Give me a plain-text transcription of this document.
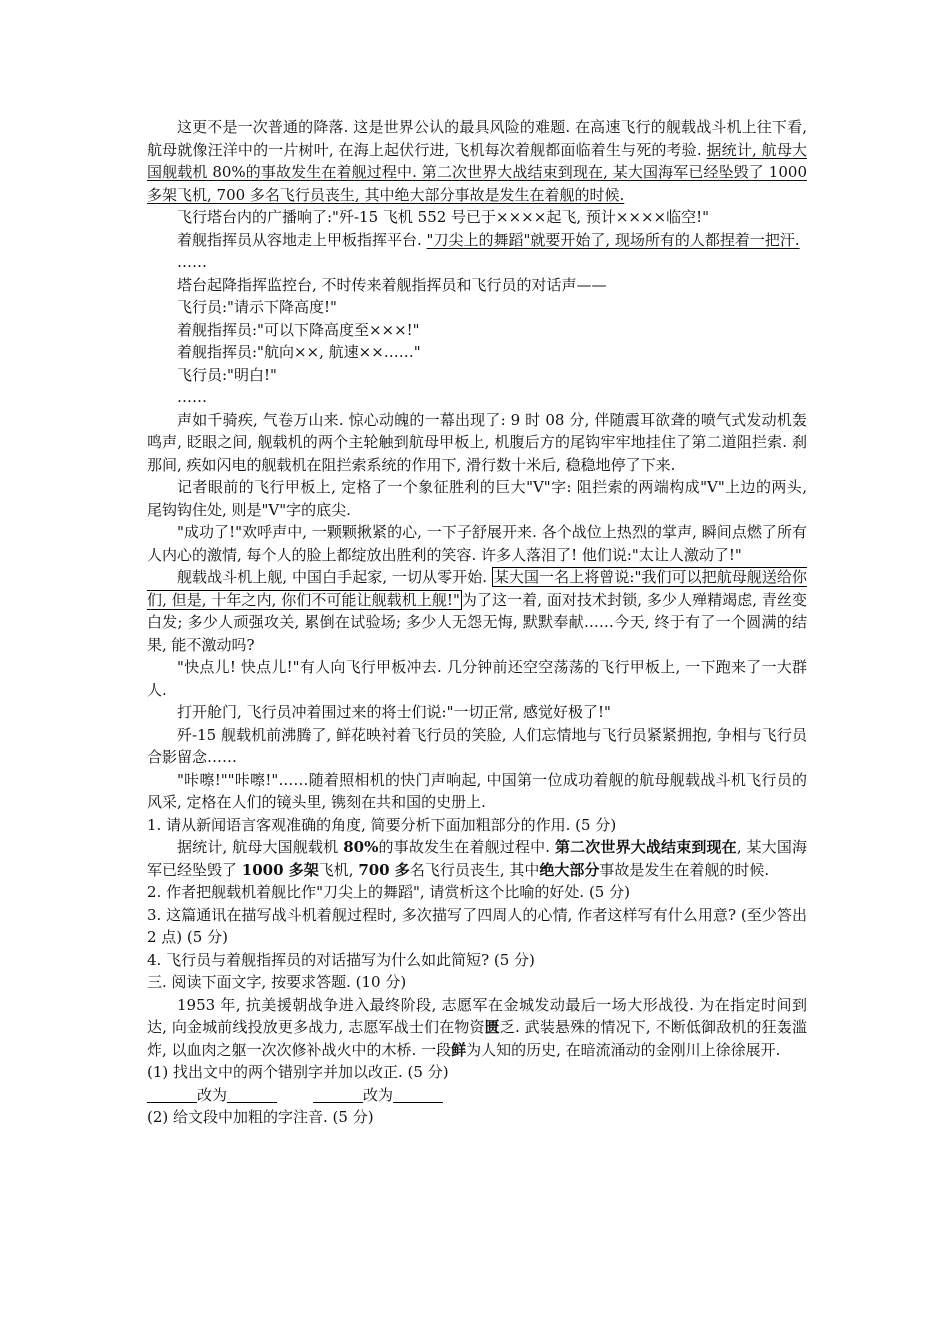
这更不是一次普通的降落. 这是世界公认的最具风险的难题. 在高速飞行的舰载战斗机上往下看, 航母就像汪洋中的一片树叶, 在海上起伏行进, 飞机每次着舰都面临着生与死的考验. 据统计, 航母大国舰载机 80%的事故发生在着舰过程中. 第二次世界大战结束到现在, 某大国海军已经坠毁了 1000 多架飞机, 700 多名飞行员丧生, 其中绝大部分事故是发生在着舰的时候.

飞行塔台内的广播响了:"歼-15 飞机 552 号已于××××起飞, 预计××××临空!"

着舰指挥员从容地走上甲板指挥平台. "刀尖上的舞蹈"就要开始了, 现场所有的人都捏着一把汗.

……

塔台起降指挥监控台, 不时传来着舰指挥员和飞行员的对话声——

飞行员:"请示下降高度!"

着舰指挥员:"可以下降高度至×××!"

着舰指挥员:"航向××, 航速××……"

飞行员:"明白!"

……

声如千骑疾, 气卷万山来. 惊心动魄的一幕出现了: 9 时 08 分, 伴随震耳欲聋的喷气式发动机轰鸣声, 眨眼之间, 舰载机的两个主轮触到航母甲板上, 机腹后方的尾钩牢牢地挂住了第二道阻拦索. 刹那间, 疾如闪电的舰载机在阻拦索系统的作用下, 滑行数十米后, 稳稳地停了下来.

记者眼前的飞行甲板上, 定格了一个象征胜利的巨大"V"字: 阻拦索的两端构成"V"上边的两头, 尾钩钩住处, 则是"V"字的底尖.

"成功了!"欢呼声中, 一颗颗揪紧的心, 一下子舒展开来. 各个战位上热烈的掌声, 瞬间点燃了所有人内心的激情, 每个人的脸上都绽放出胜利的笑容. 许多人落泪了! 他们说:"太让人激动了!"

舰载战斗机上舰, 中国白手起家, 一切从零开始. 某大国一名上将曾说:"我们可以把航母舰送给你们, 但是, 十年之内, 你们不可能让舰载机上舰!" 为了这一着, 面对技术封锁, 多少人殚精竭虑, 青丝变白发; 多少人顽强攻关, 累倒在试验场; 多少人无怨无悔, 默默奉献……今天, 终于有了一个圆满的结果, 能不激动吗?

"快点儿! 快点儿!"有人向飞行甲板冲去. 几分钟前还空空荡荡的飞行甲板上, 一下跑来了一大群人.

打开舱门, 飞行员冲着围过来的将士们说:"一切正常, 感觉好极了!"

歼-15 舰载机前沸腾了, 鲜花映衬着飞行员的笑脸, 人们忘情地与飞行员紧紧拥抱, 争相与飞行员合影留念……

"咔嚓!""咔嚓!"……随着照相机的快门声响起, 中国第一位成功着舰的航母舰载战斗机飞行员的风采, 定格在人们的镜头里, 镌刻在共和国的史册上.

1. 请从新闻语言客观准确的角度, 简要分析下面加粗部分的作用. (5 分)

据统计, 航母大国舰载机 80%的事故发生在着舰过程中. 第二次世界大战结束到现在, 某大国海军已经坠毁了 1000 多架飞机, 700 多名飞行员丧生, 其中绝大部分事故是发生在着舰的时候.

2. 作者把舰载机着舰比作"刀尖上的舞蹈", 请赏析这个比喻的好处. (5 分)

3. 这篇通讯在描写战斗机着舰过程时, 多次描写了四周人的心情, 作者这样写有什么用意? (至少答出 2 点) (5 分)

4. 飞行员与着舰指挥员的对话描写为什么如此简短? (5 分)

三. 阅读下面文字, 按要求答题. (10 分)

1953 年, 抗美援朝战争进入最终阶段, 志愿军在金城发动最后一场大形战役. 为在指定时间到达, 向金城前线投放更多战力, 志愿军战士们在物资匮乏. 武装悬殊的情况下, 不断低御敌机的狂轰滥炸, 以血肉之躯一次次修补战火中的木桥. 一段鲜为人知的历史, 在暗流涌动的金刚川上徐徐展开.

(1) 找出文中的两个错别字并加以改正. (5 分)

改为	改为

(2) 给文段中加粗的字注音. (5 分)
